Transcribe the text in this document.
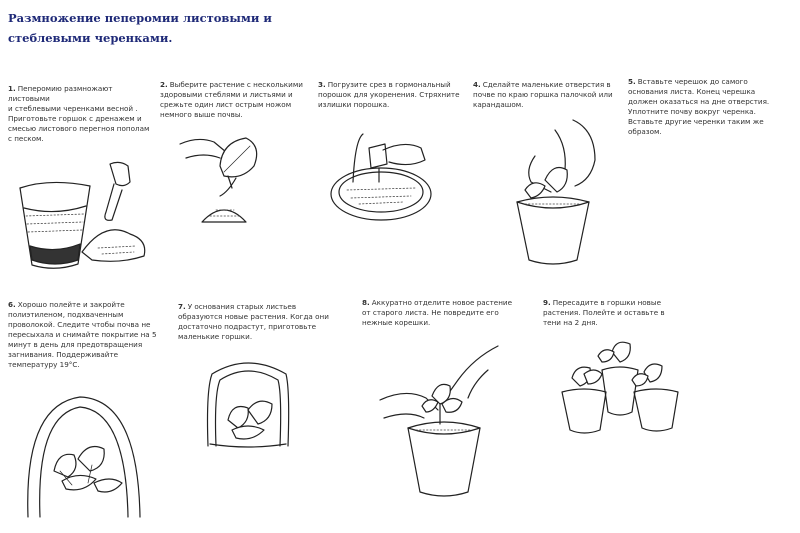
Размножение пеперомии листовыми и стеблевыми черенками.
1. Пеперомию размножают листовыми
и стеблевыми черенками весной . Приготовьте горшок с дренажем и смесью листового перегноя пополам с песком.
2. Выберите растение с несколькими здоровыми стеблями и листьями и срежьте один лист острым ножом немного выше почвы.
3. Погрузите срез в гормональный порошок для укоренения. Стряхните излишки порошка.
4. Сделайте маленькие отверстия в почве по краю горшка палочкой или карандашом.
5. Вставьте черешок до самого основания листа. Конец черешка должен оказаться на дне отверстия. Уплотните почву вокруг черенка. Вставьте другие черенки таким же образом.
6. Хорошо полейте и закройте полиэтиленом, подхваченным проволокой. Следите чтобы почва не пересыхала и снимайте покрытие на 5 минут в день для предотвращения загнивания. Поддерживайте температуру 19°C.
7. У основания старых листьев образуются новые растения. Когда они достаточно подрастут, приготовьте маленькие горшки.
8. Аккуратно отделите новое растение от старого листа. Не повредите его нежные корешки.
9. Пересадите в горшки новые растения. Полейте и оставьте в тени на 2 дня.
